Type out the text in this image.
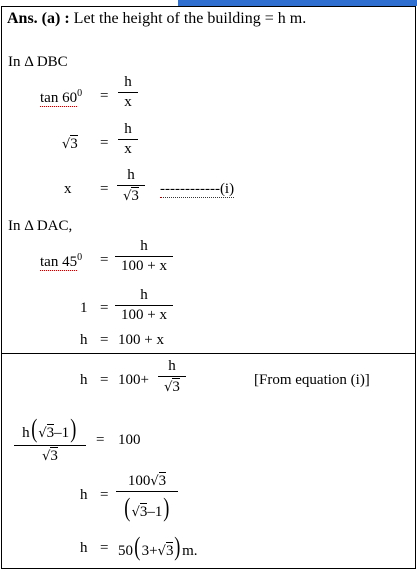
Ans. (a) : Let the height of the building = h m.
In Δ DBC
$\tan 60^0$ =
h
x
√3 =
h
x
x =
h
√3	------------(i)
In Δ DAC,
$\tan 45^0$ =
h
100 + x
1 =
h
100 + x
h = 100 + x
h = 100+
h
√3	[From equation (i)]
h(√3–1)
√3
= 100
h =
100√3
(√3–1)
h = 50(3+√3)m.
